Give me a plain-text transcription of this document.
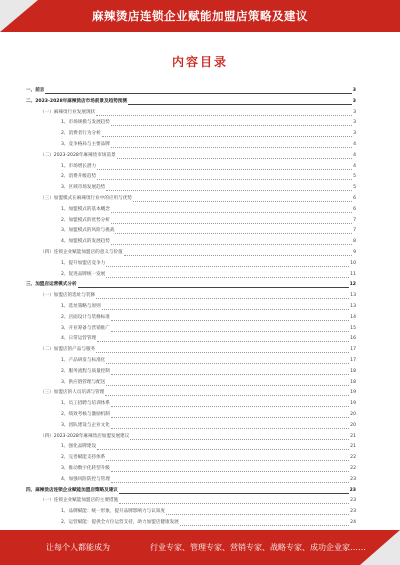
麻辣烫店连锁企业赋能加盟店策略及建议
内容目录
一、前言	3
二、2023-2028年麻辣烫店市场前景及趋势预测	3
（一）麻辣烫行业发展现状	3
1、市场规模与发展趋势	3
2、消费者行为分析	3
3、竞争格局与主要品牌	4
（二）2023-2028年麻辣烫市场前景	4
1、市场增长潜力	4
2、消费升级趋势	5
3、区域市场发展趋势	5
（三）加盟模式在麻辣烫行业中的应用与优势	6
1、加盟模式的基本概念	6
2、加盟模式的优势分析	7
3、加盟模式的风险与挑战	7
4、加盟模式的发展趋势	8
（四）连锁企业赋能加盟店的意义与价值	9
1、提升加盟店竞争力	10
2、促进品牌统一发展	11
三、加盟店运营模式分析	12
（一）加盟店的选址与装修	13
1、选址策略与原则	13
2、店面设计与装修标准	14
3、开业筹备与营销推广	15
4、日常运营管理	16
（二）加盟店的产品与服务	17
1、产品研发与标准化	17
2、服务流程与质量控制	18
3、供应链管理与配送	18
（三）加盟店的人员培训与管理	19
1、员工招聘与培训体系	19
2、绩效考核与激励机制	20
3、团队建设与企业文化	20
（四）2023-2028年麻辣烫店加盟发展建议	21
1、强化品牌建设	21
2、完善赋能支持体系	22
3、推动数字化转型升级	22
4、加强风险防控与管理	23
四、麻辣烫店连锁企业赋能加盟店策略及建议	23
（一）连锁企业赋能加盟店的主要措施	23
1、品牌赋能：统一形象，提升品牌影响力与认知度	23
2、运营赋能：提供全方位运营支持，助力加盟店健康发展	24
让每个人都能成为	行业专家、管理专家、营销专家、战略专家、成功企业家……
